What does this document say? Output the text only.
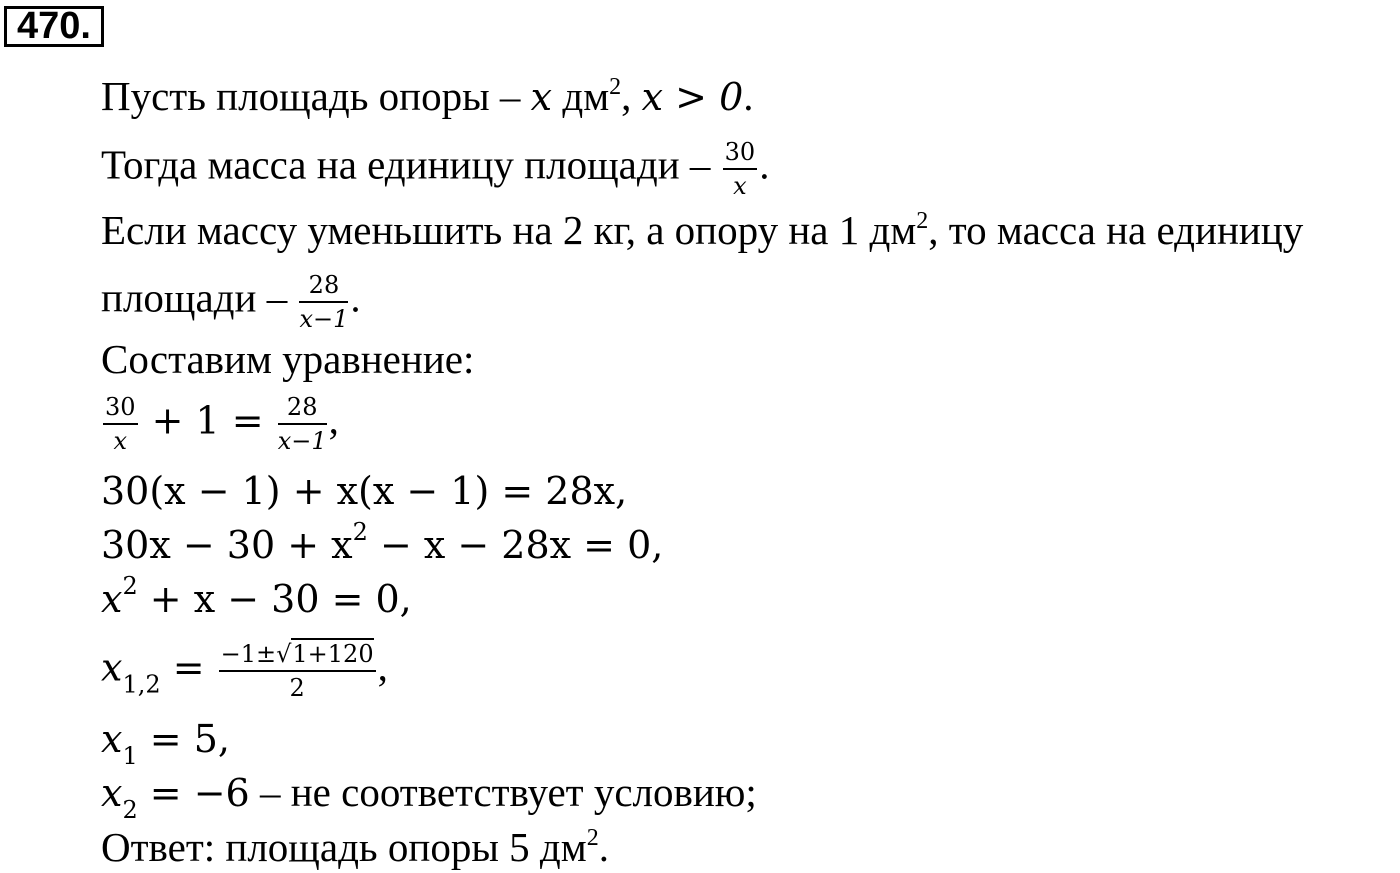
470.
Пусть площадь опоры – x $дм^2$, x > 0.
Тогда масса на единицу площади – $\frac{30}{x}$ .
Если массу уменьшить на 2 кг, а опору на 1 $дм^2$, то масса на единицу
площади – $\frac{28}{x-1}$ .
Составим уравнение:
$\frac{30}{x} + 1 = \frac{28}{x-1}$ ,
30(x − 1) + x(x − 1) = 28x,
$30x - 30 + x^2 - x - 28x = 0$,
$x^2 + x - 30 = 0$,
$x_{1,2} = \frac{-1\pm√1+120}{2}$ ,
$x_1 = 5$,
$x_2 = -6$ – не соответствует условию;
Ответ: площадь опоры 5 $дм^2$.
